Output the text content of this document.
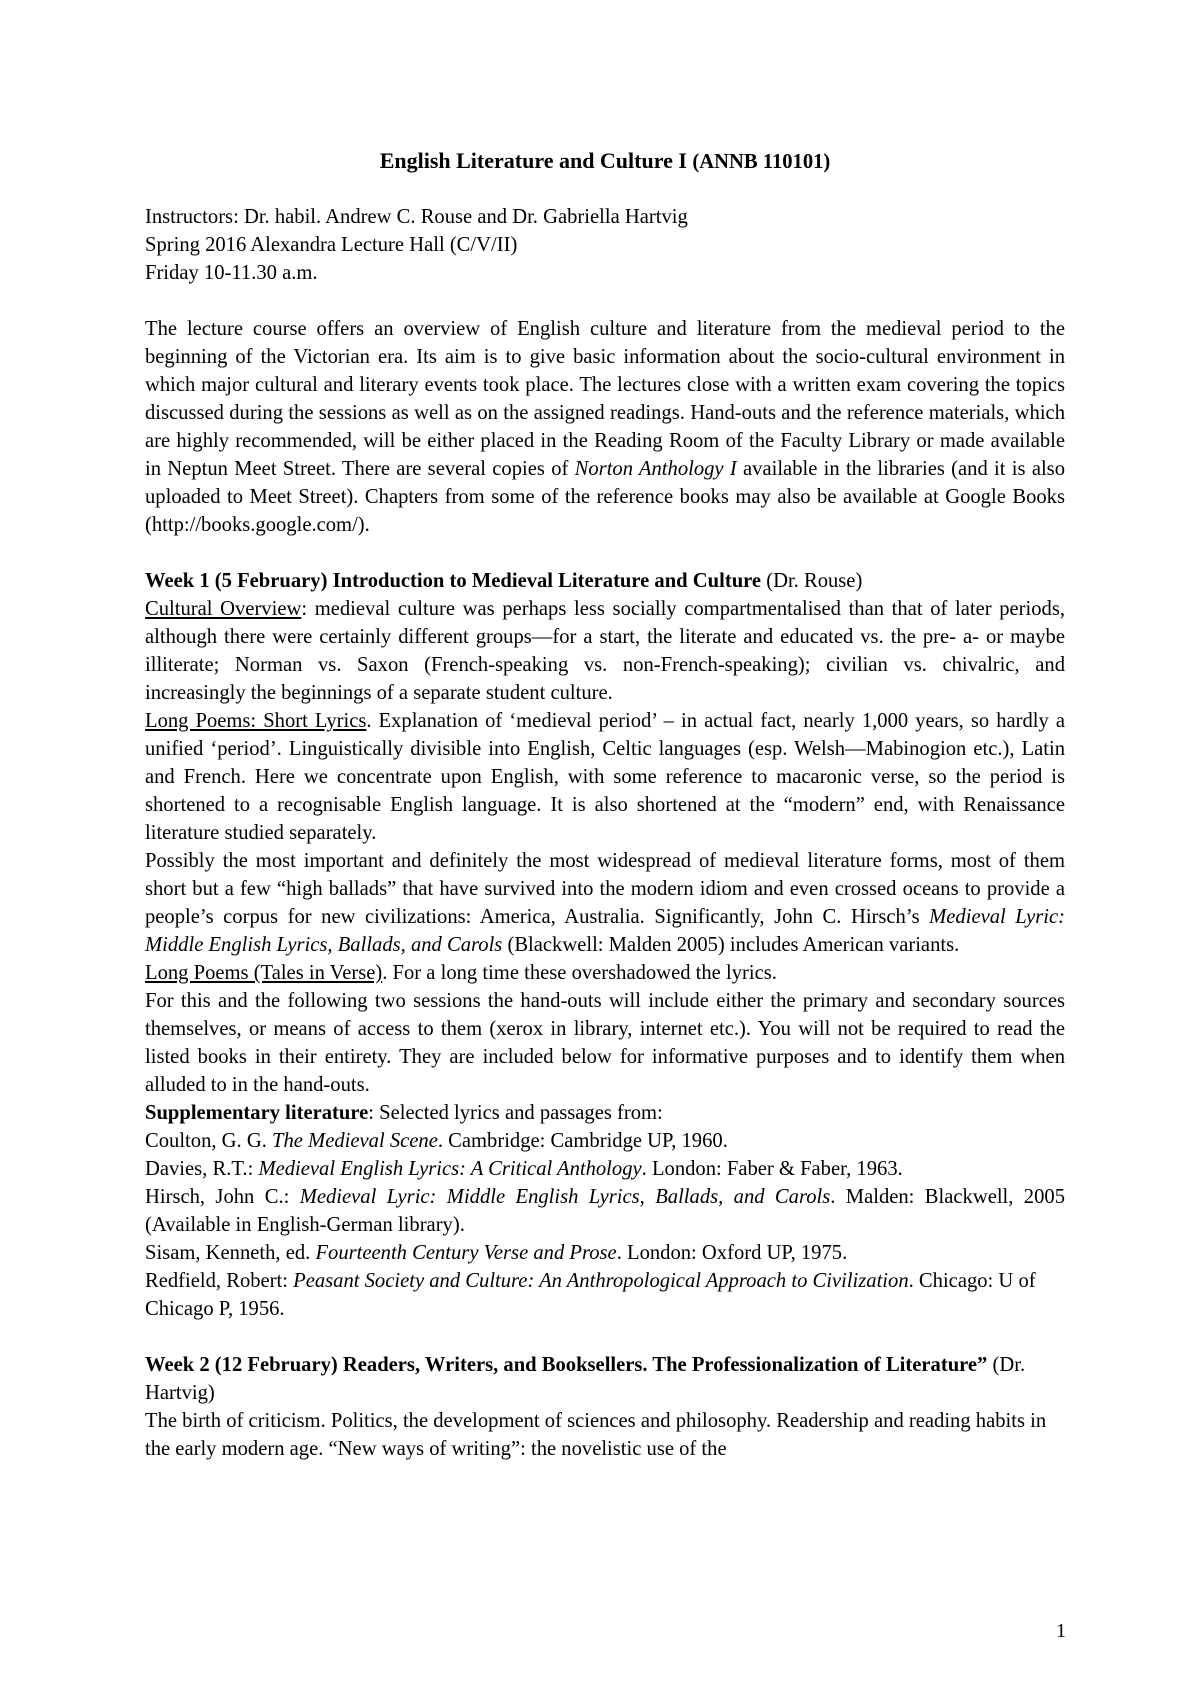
English Literature and Culture I (ANNB 110101)

Instructors: Dr. habil. Andrew C. Rouse and Dr. Gabriella Hartvig

Spring 2016 Alexandra Lecture Hall (C/V/II)

Friday 10-11.30 a.m.

The lecture course offers an overview of English culture and literature from the medieval period to the beginning of the Victorian era. Its aim is to give basic information about the socio-cultural environment in which major cultural and literary events took place. The lectures close with a written exam covering the topics discussed during the sessions as well as on the assigned readings. Hand-outs and the reference materials, which are highly recommended, will be either placed in the Reading Room of the Faculty Library or made available in Neptun Meet Street. There are several copies of Norton Anthology I available in the libraries (and it is also uploaded to Meet Street). Chapters from some of the reference books may also be available at Google Books (http://books.google.com/).

Week 1 (5 February) Introduction to Medieval Literature and Culture (Dr. Rouse)

Cultural Overview: medieval culture was perhaps less socially compartmentalised than that of later periods, although there were certainly different groups—for a start, the literate and educated vs. the pre- a- or maybe illiterate; Norman vs. Saxon (French-speaking vs. non-French-speaking); civilian vs. chivalric, and increasingly the beginnings of a separate student culture.

Long Poems: Short Lyrics. Explanation of ‘medieval period’ – in actual fact, nearly 1,000 years, so hardly a unified ‘period’. Linguistically divisible into English, Celtic languages (esp. Welsh—Mabinogion etc.), Latin and French. Here we concentrate upon English, with some reference to macaronic verse, so the period is shortened to a recognisable English language. It is also shortened at the “modern” end, with Renaissance literature studied separately.

Possibly the most important and definitely the most widespread of medieval literature forms, most of them short but a few “high ballads” that have survived into the modern idiom and even crossed oceans to provide a people’s corpus for new civilizations: America, Australia. Significantly, John C. Hirsch’s Medieval Lyric: Middle English Lyrics, Ballads, and Carols (Blackwell: Malden 2005) includes American variants.

Long Poems (Tales in Verse). For a long time these overshadowed the lyrics.

For this and the following two sessions the hand-outs will include either the primary and secondary sources themselves, or means of access to them (xerox in library, internet etc.). You will not be required to read the listed books in their entirety. They are included below for informative purposes and to identify them when alluded to in the hand-outs.

Supplementary literature: Selected lyrics and passages from:

Coulton, G. G. The Medieval Scene. Cambridge: Cambridge UP, 1960.

Davies, R.T.: Medieval English Lyrics: A Critical Anthology. London: Faber & Faber, 1963.

Hirsch, John C.: Medieval Lyric: Middle English Lyrics, Ballads, and Carols. Malden: Blackwell, 2005 (Available in English-German library).

Sisam, Kenneth, ed. Fourteenth Century Verse and Prose. London: Oxford UP, 1975.

Redfield, Robert: Peasant Society and Culture: An Anthropological Approach to Civilization. Chicago: U of Chicago P, 1956.

Week 2 (12 February) Readers, Writers, and Booksellers. The Professionalization of Literature” (Dr. Hartvig)

The birth of criticism. Politics, the development of sciences and philosophy. Readership and reading habits in the early modern age. “New ways of writing”: the novelistic use of the

1
